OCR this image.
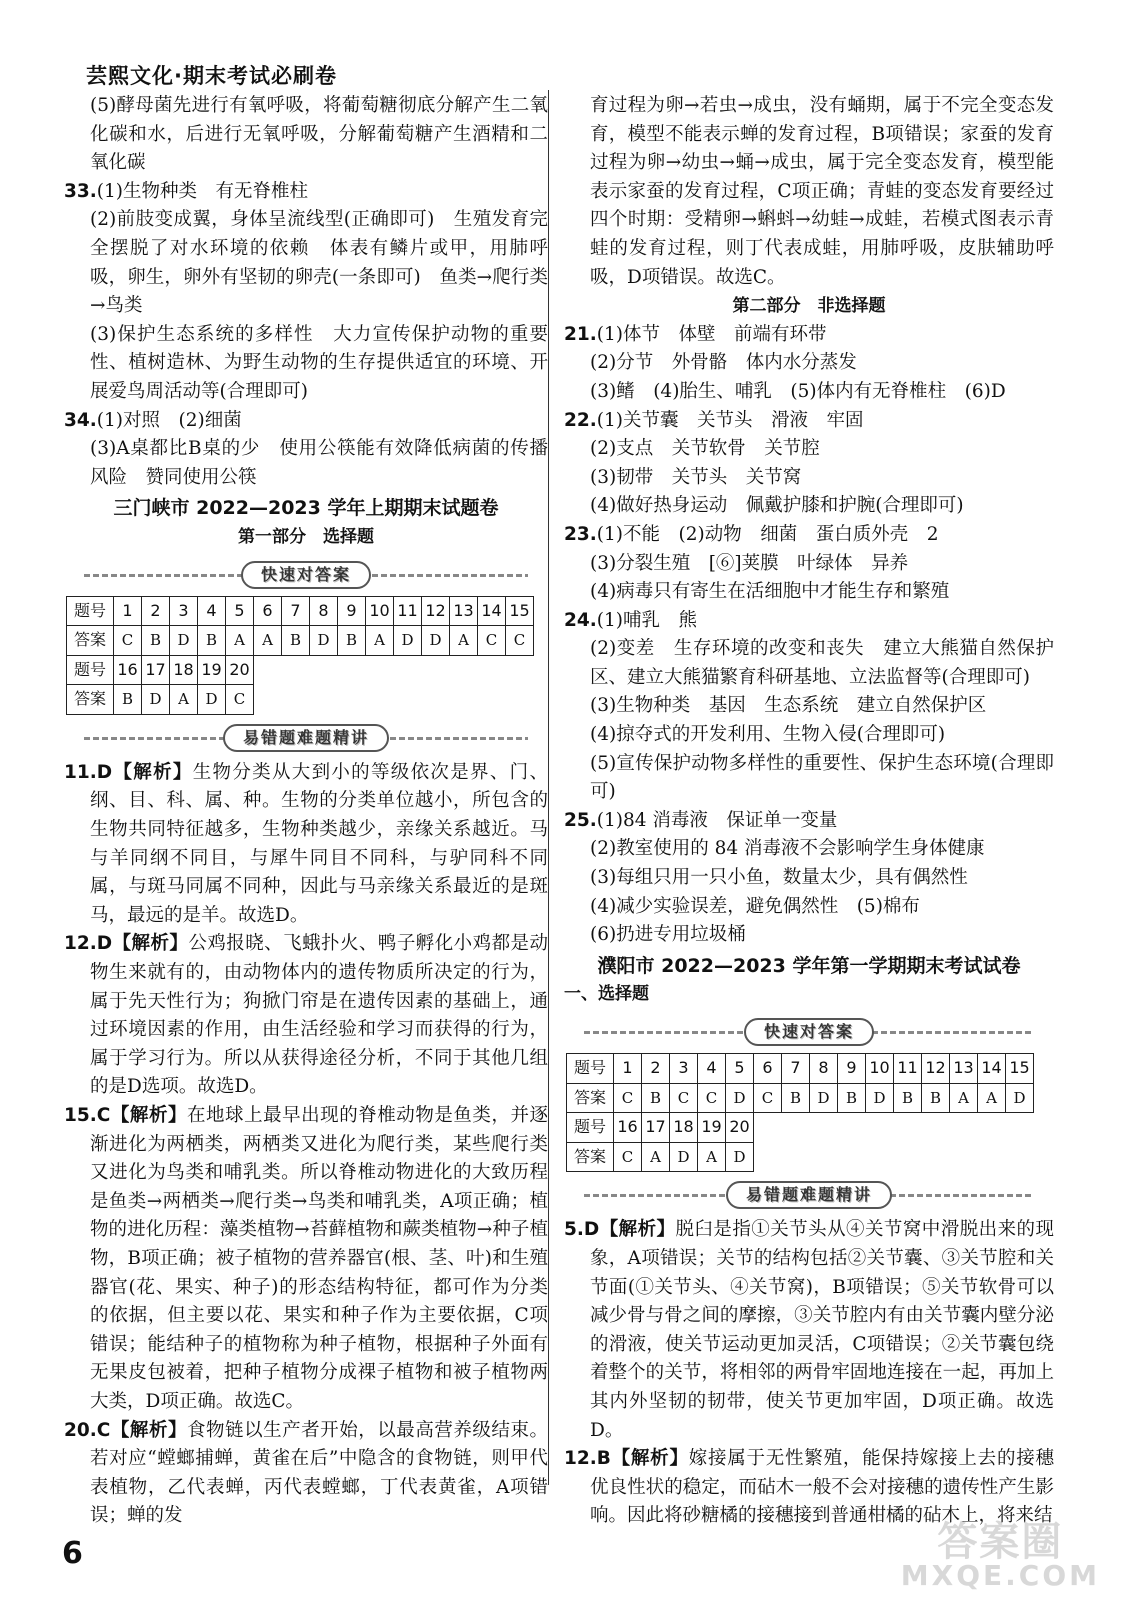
芸熙文化·期末考试必刷卷

(5)酵母菌先进行有氧呼吸，将葡萄糖彻底分解产生二氧化碳和水，后进行无氧呼吸，分解葡萄糖产生酒精和二氧化碳

33.(1)生物种类　有无脊椎柱

(2)前肢变成翼，身体呈流线型(正确即可)　生殖发育完全摆脱了对水环境的依赖　体表有鳞片或甲，用肺呼吸，卵生，卵外有坚韧的卵壳(一条即可)　鱼类→爬行类→鸟类

(3)保护生态系统的多样性　大力宣传保护动物的重要性、植树造林、为野生动物的生存提供适宜的环境、开展爱鸟周活动等(合理即可)

34.(1)对照　(2)细菌

(3)A桌都比B桌的少　使用公筷能有效降低病菌的传播风险　赞同使用公筷

三门峡市 2022—2023 学年上期期末试题卷

第一部分　选择题

快速对答案
题号	1	2	3	4	5	6	7	8	9	10	11	12	13	14	15
答案	C	B	D	B	A	A	B	D	B	A	D	D	A	C	C
题号	16	17	18	19	20										
答案	B	D	A	D	C										
易错题难题精讲

11.D【解析】生物分类从大到小的等级依次是界、门、纲、目、科、属、种。生物的分类单位越小，所包含的生物共同特征越多，生物种类越少，亲缘关系越近。马与羊同纲不同目，与犀牛同目不同科，与驴同科不同属，与斑马同属不同种，因此与马亲缘关系最近的是斑马，最远的是羊。故选D。

12.D【解析】公鸡报晓、飞蛾扑火、鸭子孵化小鸡都是动物生来就有的，由动物体内的遗传物质所决定的行为，属于先天性行为；狗掀门帘是在遗传因素的基础上，通过环境因素的作用，由生活经验和学习而获得的行为，属于学习行为。所以从获得途径分析，不同于其他几组的是D选项。故选D。

15.C【解析】在地球上最早出现的脊椎动物是鱼类，并逐渐进化为两栖类，两栖类又进化为爬行类，某些爬行类又进化为鸟类和哺乳类。所以脊椎动物进化的大致历程是鱼类→两栖类→爬行类→鸟类和哺乳类，A项正确；植物的进化历程：藻类植物→苔藓植物和蕨类植物→种子植物，B项正确；被子植物的营养器官(根、茎、叶)和生殖器官(花、果实、种子)的形态结构特征，都可作为分类的依据，但主要以花、果实和种子作为主要依据，C项错误；能结种子的植物称为种子植物，根据种子外面有无果皮包被着，把种子植物分成裸子植物和被子植物两大类，D项正确。故选C。

20.C【解析】食物链以生产者开始，以最高营养级结束。若对应“螳螂捕蝉，黄雀在后”中隐含的食物链，则甲代表植物，乙代表蝉，丙代表螳螂，丁代表黄雀，A项错误；蝉的发

育过程为卵→若虫→成虫，没有蛹期，属于不完全变态发育，模型不能表示蝉的发育过程，B项错误；家蚕的发育过程为卵→幼虫→蛹→成虫，属于完全变态发育，模型能表示家蚕的发育过程，C项正确；青蛙的变态发育要经过四个时期：受精卵→蝌蚪→幼蛙→成蛙，若模式图表示青蛙的发育过程，则丁代表成蛙，用肺呼吸，皮肤辅助呼吸，D项错误。故选C。

第二部分　非选择题

21.(1)体节　体壁　前端有环带

(2)分节　外骨骼　体内水分蒸发

(3)鳍　(4)胎生、哺乳　(5)体内有无脊椎柱　(6)D

22.(1)关节囊　关节头　滑液　牢固

(2)支点　关节软骨　关节腔

(3)韧带　关节头　关节窝

(4)做好热身运动　佩戴护膝和护腕(合理即可)

23.(1)不能　(2)动物　细菌　蛋白质外壳　2

(3)分裂生殖　[⑥]荚膜　叶绿体　异养

(4)病毒只有寄生在活细胞中才能生存和繁殖

24.(1)哺乳　熊

(2)变差　生存环境的改变和丧失　建立大熊猫自然保护区、建立大熊猫繁育科研基地、立法监督等(合理即可)

(3)生物种类　基因　生态系统　建立自然保护区

(4)掠夺式的开发利用、生物入侵(合理即可)

(5)宣传保护动物多样性的重要性、保护生态环境(合理即可)

25.(1)84 消毒液　保证单一变量

(2)教室使用的 84 消毒液不会影响学生身体健康

(3)每组只用一只小鱼，数量太少，具有偶然性

(4)减少实验误差，避免偶然性　(5)棉布

(6)扔进专用垃圾桶

濮阳市 2022—2023 学年第一学期期末考试试卷

一、选择题

快速对答案
题号	1	2	3	4	5	6	7	8	9	10	11	12	13	14	15
答案	C	B	C	C	D	C	B	D	B	D	B	B	A	A	D
题号	16	17	18	19	20										
答案	C	A	D	A	D										
易错题难题精讲

5.D【解析】脱臼是指①关节头从④关节窝中滑脱出来的现象，A项错误；关节的结构包括②关节囊、③关节腔和关节面(①关节头、④关节窝)，B项错误；⑤关节软骨可以减少骨与骨之间的摩擦，③关节腔内有由关节囊内壁分泌的滑液，使关节运动更加灵活，C项错误；②关节囊包绕着整个的关节，将相邻的两骨牢固地连接在一起，再加上其内外坚韧的韧带，使关节更加牢固，D项正确。故选D。

12.B【解析】嫁接属于无性繁殖，能保持嫁接上去的接穗优良性状的稳定，而砧木一般不会对接穗的遗传性产生影响。因此将砂糖橘的接穗接到普通柑橘的砧木上，将来结

6	答案圈
MXQE.COM
